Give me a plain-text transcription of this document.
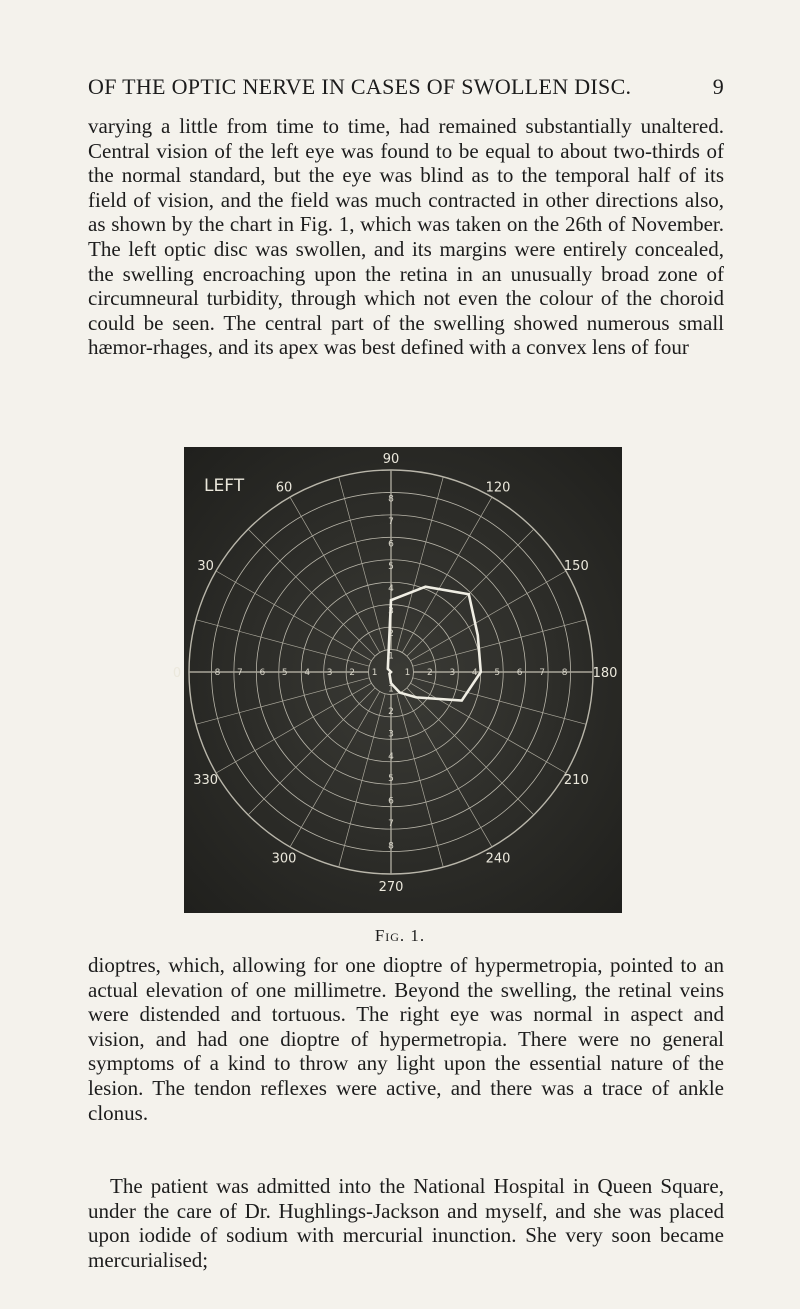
OF THE OPTIC NERVE IN CASES OF SWOLLEN DISC.	9

varying a little from time to time, had remained substantially unaltered. Central vision of the left eye was found to be equal to about two-thirds of the normal standard, but the eye was blind as to the temporal half of its field of vision, and the field was much contracted in other directions also, as shown by the chart in Fig. 1, which was taken on the 26th of November. The left optic disc was swollen, and its margins were entirely concealed, the swelling encroaching upon the retina in an unusually broad zone of circumneural turbidity, through which not even the colour of the choroid could be seen. The central part of the swelling showed numerous small hæmor-rhages, and its apex was best defined with a convex lens of four

1
2
3
4
5
6
7
8
1
2
3
4
5
6
7
8
1 2 3 4 5 6 7 8
1
2
3
4
5
6
7
8
0
30
60
90
120
150
180
210
240
270
300
330
LEFT
Fig. 1.

dioptres, which, allowing for one dioptre of hypermetropia, pointed to an actual elevation of one millimetre. Beyond the swelling, the retinal veins were distended and tortuous. The right eye was normal in aspect and vision, and had one dioptre of hypermetropia. There were no general symptoms of a kind to throw any light upon the essential nature of the lesion. The tendon reflexes were active, and there was a trace of ankle clonus.

The patient was admitted into the National Hospital in Queen Square, under the care of Dr. Hughlings-Jackson and myself, and she was placed upon iodide of sodium with mercurial inunction. She very soon became mercurialised;
